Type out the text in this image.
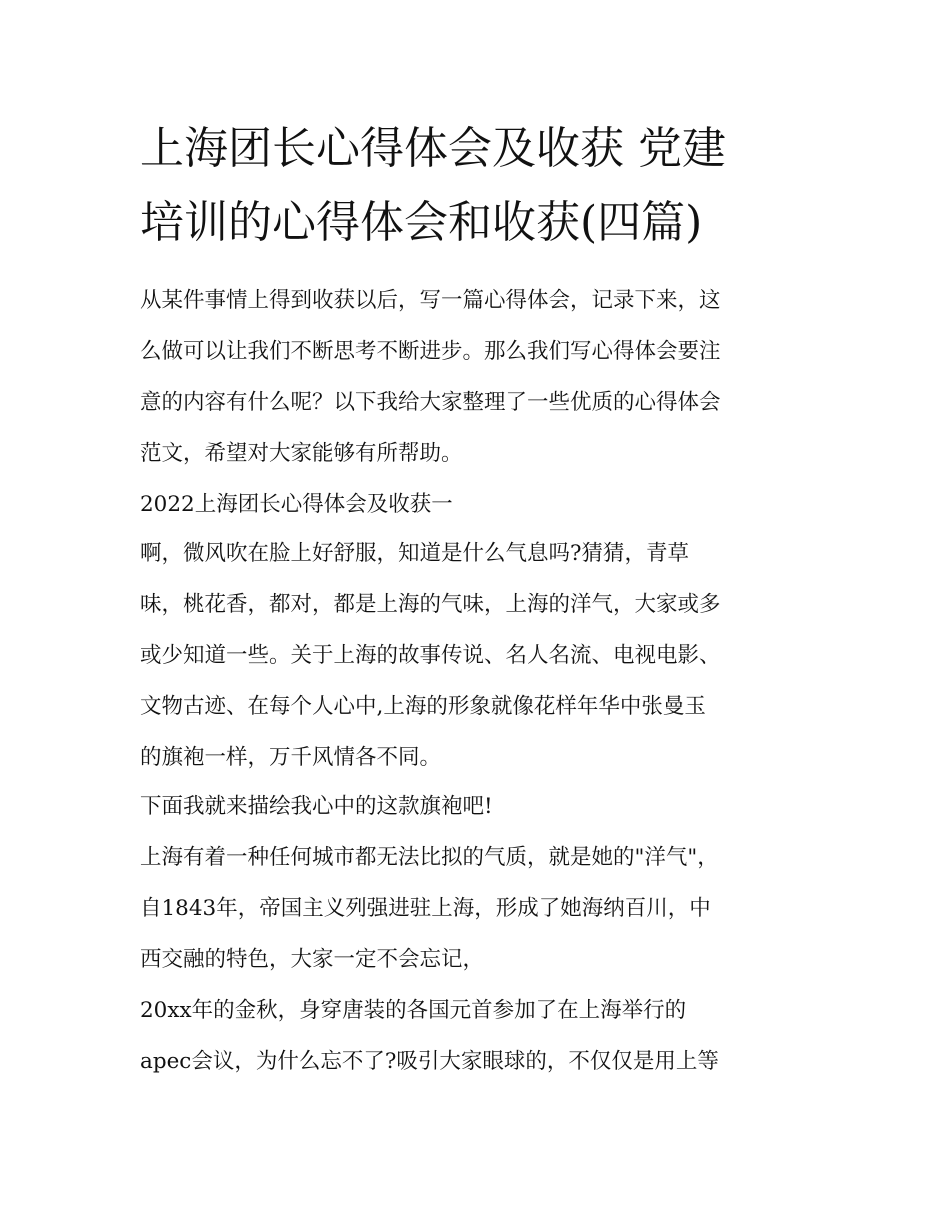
上海团长心得体会及收获 党建
培训的心得体会和收获(四篇)

从某件事情上得到收获以后，写一篇心得体会，记录下来，这

么做可以让我们不断思考不断进步。那么我们写心得体会要注

意的内容有什么呢？以下我给大家整理了一些优质的心得体会

范文，希望对大家能够有所帮助。

2022上海团长心得体会及收获一

啊，微风吹在脸上好舒服，知道是什么气息吗?猜猜，青草

味，桃花香，都对，都是上海的气味，上海的洋气，大家或多

或少知道一些。关于上海的故事传说、名人名流、电视电影、

文物古迹、在每个人心中,上海的形象就像花样年华中张曼玉

的旗袍一样，万千风情各不同。

下面我就来描绘我心中的这款旗袍吧!

上海有着一种任何城市都无法比拟的气质，就是她的"洋气"，

自1843年，帝国主义列强进驻上海，形成了她海纳百川，中

西交融的特色，大家一定不会忘记，

20xx年的金秋，身穿唐装的各国元首参加了在上海举行的

apec会议，为什么忘不了?吸引大家眼球的，不仅仅是用上等
